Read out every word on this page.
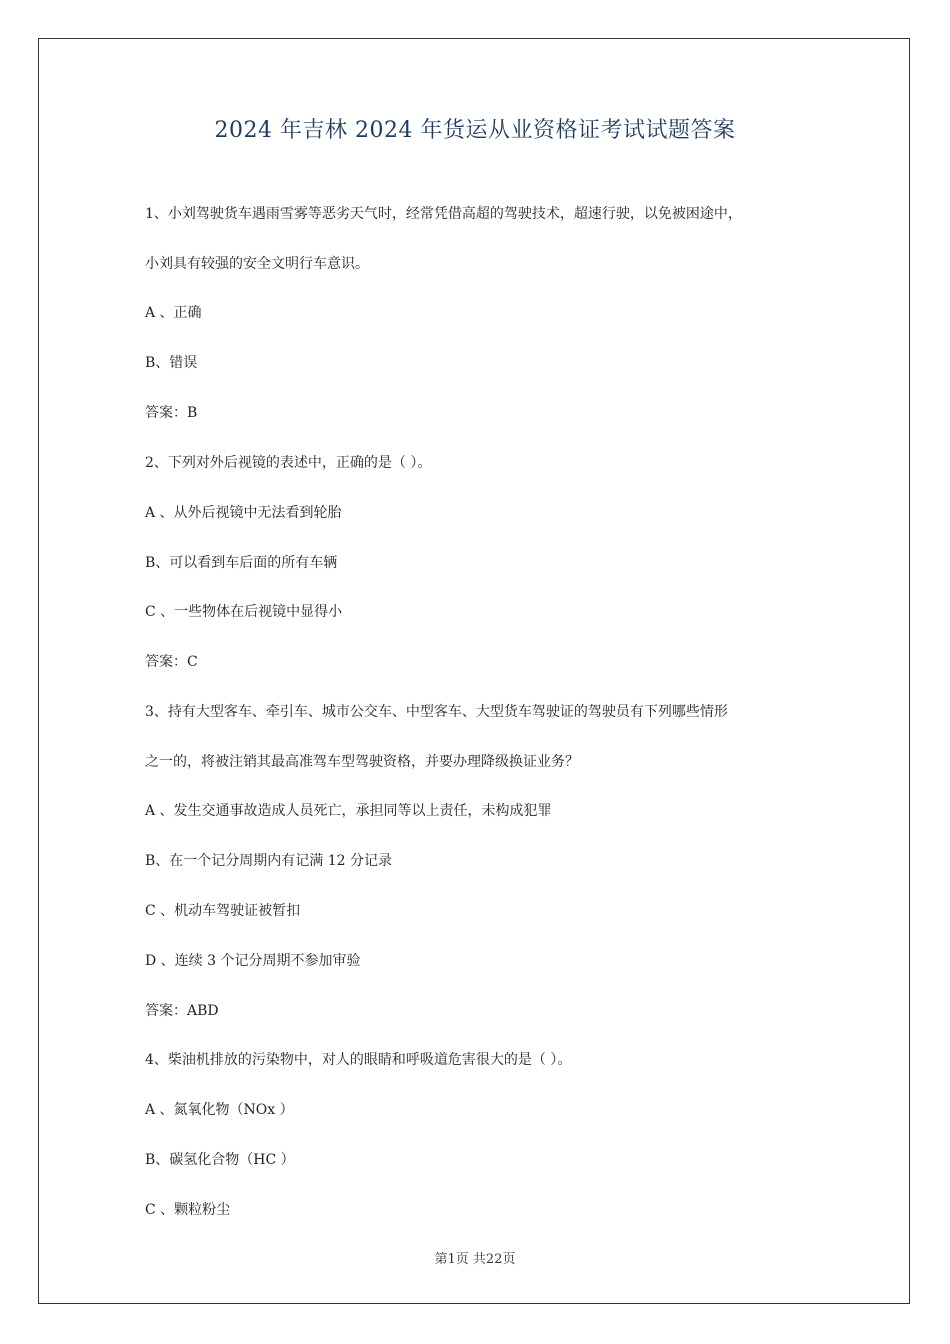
2024 年吉林 2024 年货运从业资格证考试试题答案
1、小刘驾驶货车遇雨雪雾等恶劣天气时，经常凭借高超的驾驶技术，超速行驶，以免被困途中，
小刘具有较强的安全文明行车意识。
A 、正确
B、错误
答案：B
2、下列对外后视镜的表述中，正确的是（ ）。
A 、从外后视镜中无法看到轮胎
B、可以看到车后面的所有车辆
C 、一些物体在后视镜中显得小
答案：C
3、持有大型客车、牵引车、城市公交车、中型客车、大型货车驾驶证的驾驶员有下列哪些情形
之一的，将被注销其最高准驾车型驾驶资格，并要办理降级换证业务？
A 、发生交通事故造成人员死亡，承担同等以上责任，未构成犯罪
B、在一个记分周期内有记满 12 分记录
C 、机动车驾驶证被暂扣
D 、连续 3 个记分周期不参加审验
答案：ABD
4、柴油机排放的污染物中，对人的眼睛和呼吸道危害很大的是（ ）。
A 、氮氧化物（NOx ）
B、碳氢化合物（HC ）
C 、颗粒粉尘
第1页 共22页
